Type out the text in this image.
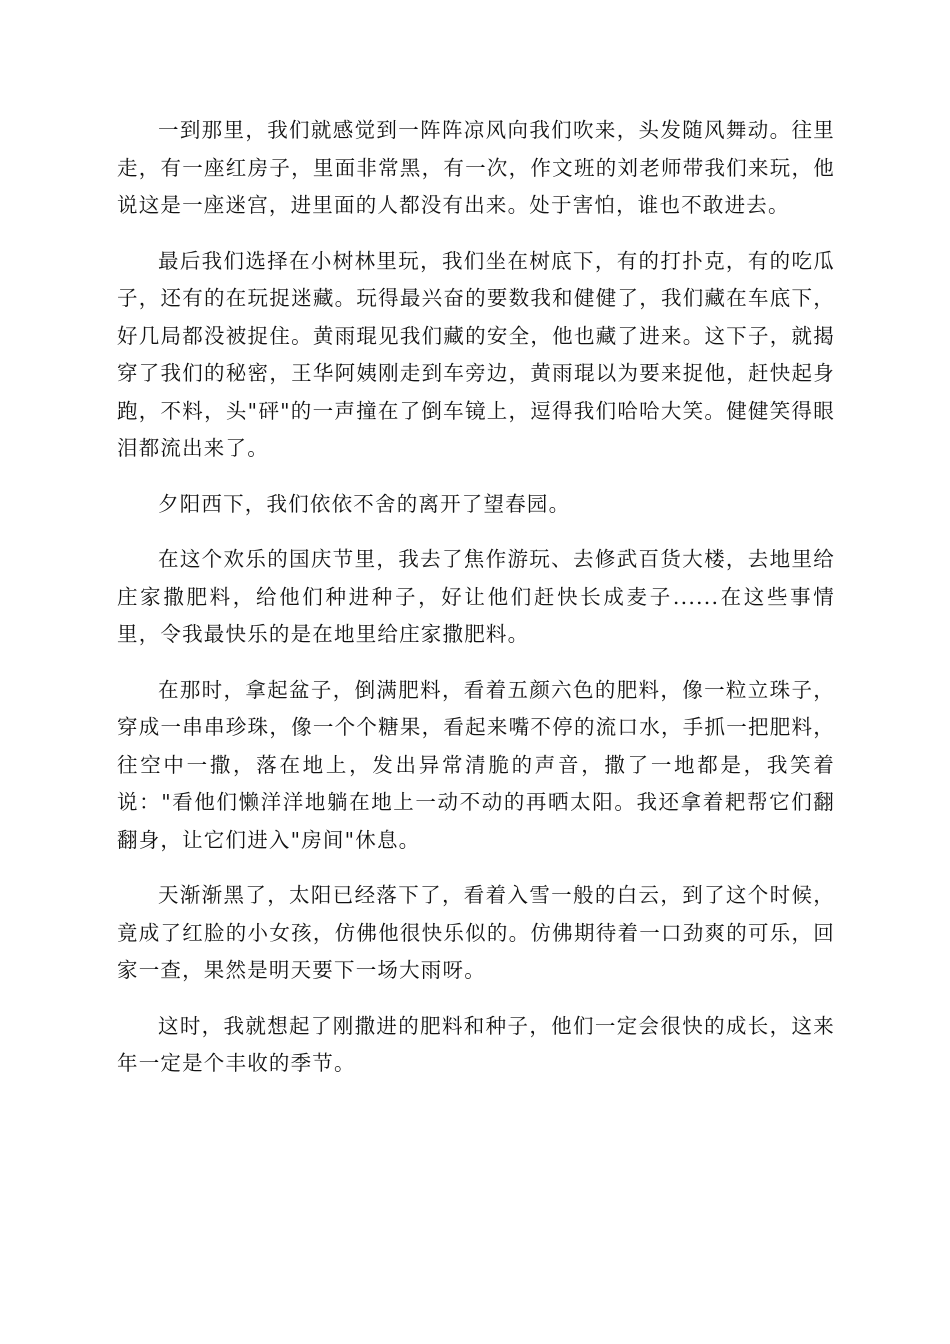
一到那里，我们就感觉到一阵阵凉风向我们吹来，头发随风舞动。往里走，有一座红房子，里面非常黑，有一次，作文班的刘老师带我们来玩，他说这是一座迷宫，进里面的人都没有出来。处于害怕，谁也不敢进去。

最后我们选择在小树林里玩，我们坐在树底下，有的打扑克，有的吃瓜子，还有的在玩捉迷藏。玩得最兴奋的要数我和健健了，我们藏在车底下，好几局都没被捉住。黄雨琨见我们藏的安全，他也藏了进来。这下子，就揭穿了我们的秘密，王华阿姨刚走到车旁边，黄雨琨以为要来捉他，赶快起身跑，不料，头"砰"的一声撞在了倒车镜上，逗得我们哈哈大笑。健健笑得眼泪都流出来了。

夕阳西下，我们依依不舍的离开了望春园。

在这个欢乐的国庆节里，我去了焦作游玩、去修武百货大楼，去地里给庄家撒肥料，给他们种进种子，好让他们赶快长成麦子......在这些事情里，令我最快乐的是在地里给庄家撒肥料。

在那时，拿起盆子，倒满肥料，看着五颜六色的肥料，像一粒立珠子，穿成一串串珍珠，像一个个糖果，看起来嘴不停的流口水，手抓一把肥料，往空中一撒，落在地上，发出异常清脆的声音，撒了一地都是，我笑着说："看他们懒洋洋地躺在地上一动不动的再晒太阳。我还拿着耙帮它们翻翻身，让它们进入"房间"休息。

天渐渐黑了，太阳已经落下了，看着入雪一般的白云，到了这个时候，竟成了红脸的小女孩，仿佛他很快乐似的。仿佛期待着一口劲爽的可乐，回家一查，果然是明天要下一场大雨呀。

这时，我就想起了刚撒进的肥料和种子，他们一定会很快的成长，这来年一定是个丰收的季节。
